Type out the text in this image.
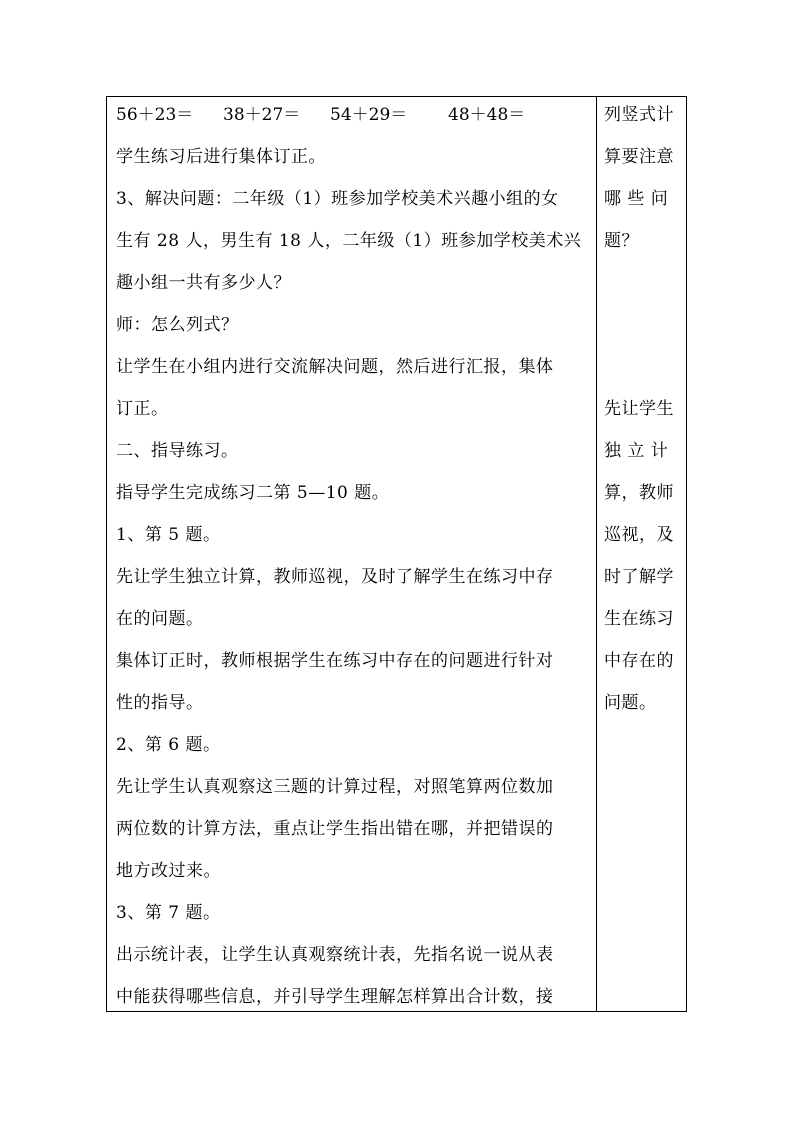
56＋23＝ 38＋27＝ 54＋29＝ 48＋48＝
学生练习后进行集体订正。
3、解决问题：二年级（1）班参加学校美术兴趣小组的女
生有 28 人，男生有 18 人，二年级（1）班参加学校美术兴
趣小组一共有多少人？
师：怎么列式？
让学生在小组内进行交流解决问题，然后进行汇报，集体
订正。
二、指导练习。
指导学生完成练习二第 5—10 题。
1、第 5 题。
先让学生独立计算，教师巡视，及时了解学生在练习中存
在的问题。
集体订正时，教师根据学生在练习中存在的问题进行针对
性的指导。
2、第 6 题。
先让学生认真观察这三题的计算过程，对照笔算两位数加
两位数的计算方法，重点让学生指出错在哪，并把错误的
地方改过来。
3、第 7 题。
出示统计表，让学生认真观察统计表，先指名说一说从表
中能获得哪些信息，并引导学生理解怎样算出合计数，接
列竖式计
算要注意
哪 些 问
题？
先让学生
独 立 计
算，教师
巡视，及
时了解学
生在练习
中存在的
问题。
